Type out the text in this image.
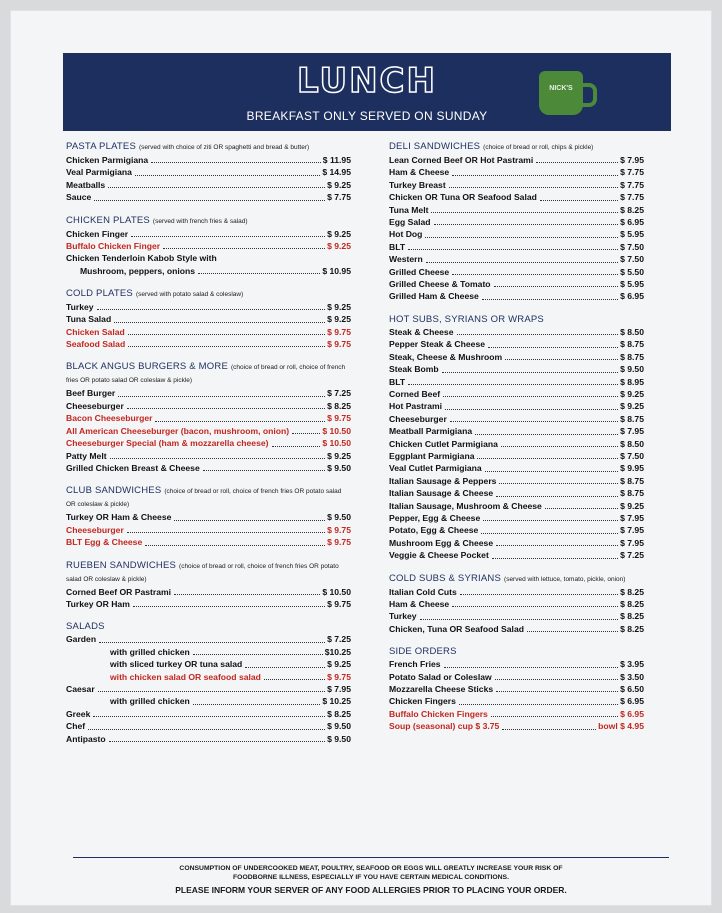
LUNCH
BREAKFAST ONLY SERVED ON SUNDAY
NICK'S
PASTA PLATES (served with choice of ziti OR spaghetti and bread & butter)
Chicken Parmigiana	$ 11.95
Veal Parmigiana	$ 14.95
Meatballs	$ 9.25
Sauce	$ 7.75
CHICKEN PLATES (served with french fries & salad)
Chicken Finger	$ 9.25
Buffalo Chicken Finger	$ 9.25
Chicken Tenderloin Kabob Style with
Mushroom, peppers, onions	$ 10.95
COLD PLATES (served with potato salad & coleslaw)
Turkey	$ 9.25
Tuna Salad	$ 9.25
Chicken Salad	$ 9.75
Seafood Salad	$ 9.75
BLACK ANGUS BURGERS & MORE (choice of bread or roll, choice of french fries OR potato salad OR coleslaw & pickle)
Beef Burger	$ 7.25
Cheeseburger	$ 8.25
Bacon Cheeseburger	$ 9.75
All American Cheeseburger (bacon, mushroom, onion)	$ 10.50
Cheeseburger Special (ham & mozzarella cheese)	$ 10.50
Patty Melt	$ 9.25
Grilled Chicken Breast & Cheese	$ 9.50
CLUB SANDWICHES (choice of bread or roll, choice of french fries OR potato salad OR coleslaw & pickle)
Turkey OR Ham & Cheese	$ 9.50
Cheeseburger	$ 9.75
BLT Egg & Cheese	$ 9.75
RUEBEN SANDWICHES (choice of bread or roll, choice of french fries OR potato salad OR coleslaw & pickle)
Corned Beef OR Pastrami	$ 10.50
Turkey OR Ham	$ 9.75
SALADS
Garden	$ 7.25
with grilled chicken	$10.25
with sliced turkey OR tuna salad	$ 9.25
with chicken salad OR seafood salad	$ 9.75
Caesar	$ 7.95
with grilled chicken	$ 10.25
Greek	$ 8.25
Chef	$ 9.50
Antipasto	$ 9.50
DELI SANDWICHES (choice of bread or roll, chips & pickle)
Lean Corned Beef OR Hot Pastrami	$ 7.95
Ham & Cheese	$ 7.75
Turkey Breast	$ 7.75
Chicken OR Tuna OR Seafood Salad	$ 7.75
Tuna Melt	$ 8.25
Egg Salad	$ 6.95
Hot Dog	$ 5.95
BLT	$ 7.50
Western	$ 7.50
Grilled Cheese	$ 5.50
Grilled Cheese & Tomato	$ 5.95
Grilled Ham & Cheese	$ 6.95
HOT SUBS, SYRIANS OR WRAPS
Steak & Cheese	$ 8.50
Pepper Steak & Cheese	$ 8.75
Steak, Cheese & Mushroom	$ 8.75
Steak Bomb	$ 9.50
BLT	$ 8.95
Corned Beef	$ 9.25
Hot Pastrami	$ 9.25
Cheeseburger	$ 8.75
Meatball Parmigiana	$ 7.95
Chicken Cutlet Parmigiana	$ 8.50
Eggplant Parmigiana	$ 7.50
Veal Cutlet Parmigiana	$ 9.95
Italian Sausage & Peppers	$ 8.75
Italian Sausage & Cheese	$ 8.75
Italian Sausage, Mushroom & Cheese	$ 9.25
Pepper, Egg & Cheese	$ 7.95
Potato, Egg & Cheese	$ 7.95
Mushroom Egg & Cheese	$ 7.95
Veggie & Cheese Pocket	$ 7.25
COLD SUBS & SYRIANS (served with lettuce, tomato, pickle, onion)
Italian Cold Cuts	$ 8.25
Ham & Cheese	$ 8.25
Turkey	$ 8.25
Chicken, Tuna OR Seafood Salad	$ 8.25
SIDE ORDERS
French Fries	$ 3.95
Potato Salad or Coleslaw	$ 3.50
Mozzarella Cheese Sticks	$ 6.50
Chicken Fingers	$ 6.95
Buffalo Chicken Fingers	$ 6.95
Soup (seasonal) cup $ 3.75	bowl $ 4.95
CONSUMPTION OF UNDERCOOKED MEAT, POULTRY, SEAFOOD OR EGGS WILL GREATLY INCREASE YOUR RISK OF
FOODBORNE ILLNESS, ESPECIALLY IF YOU HAVE CERTAIN MEDICAL CONDITIONS.
PLEASE INFORM YOUR SERVER OF ANY FOOD ALLERGIES PRIOR TO PLACING YOUR ORDER.
